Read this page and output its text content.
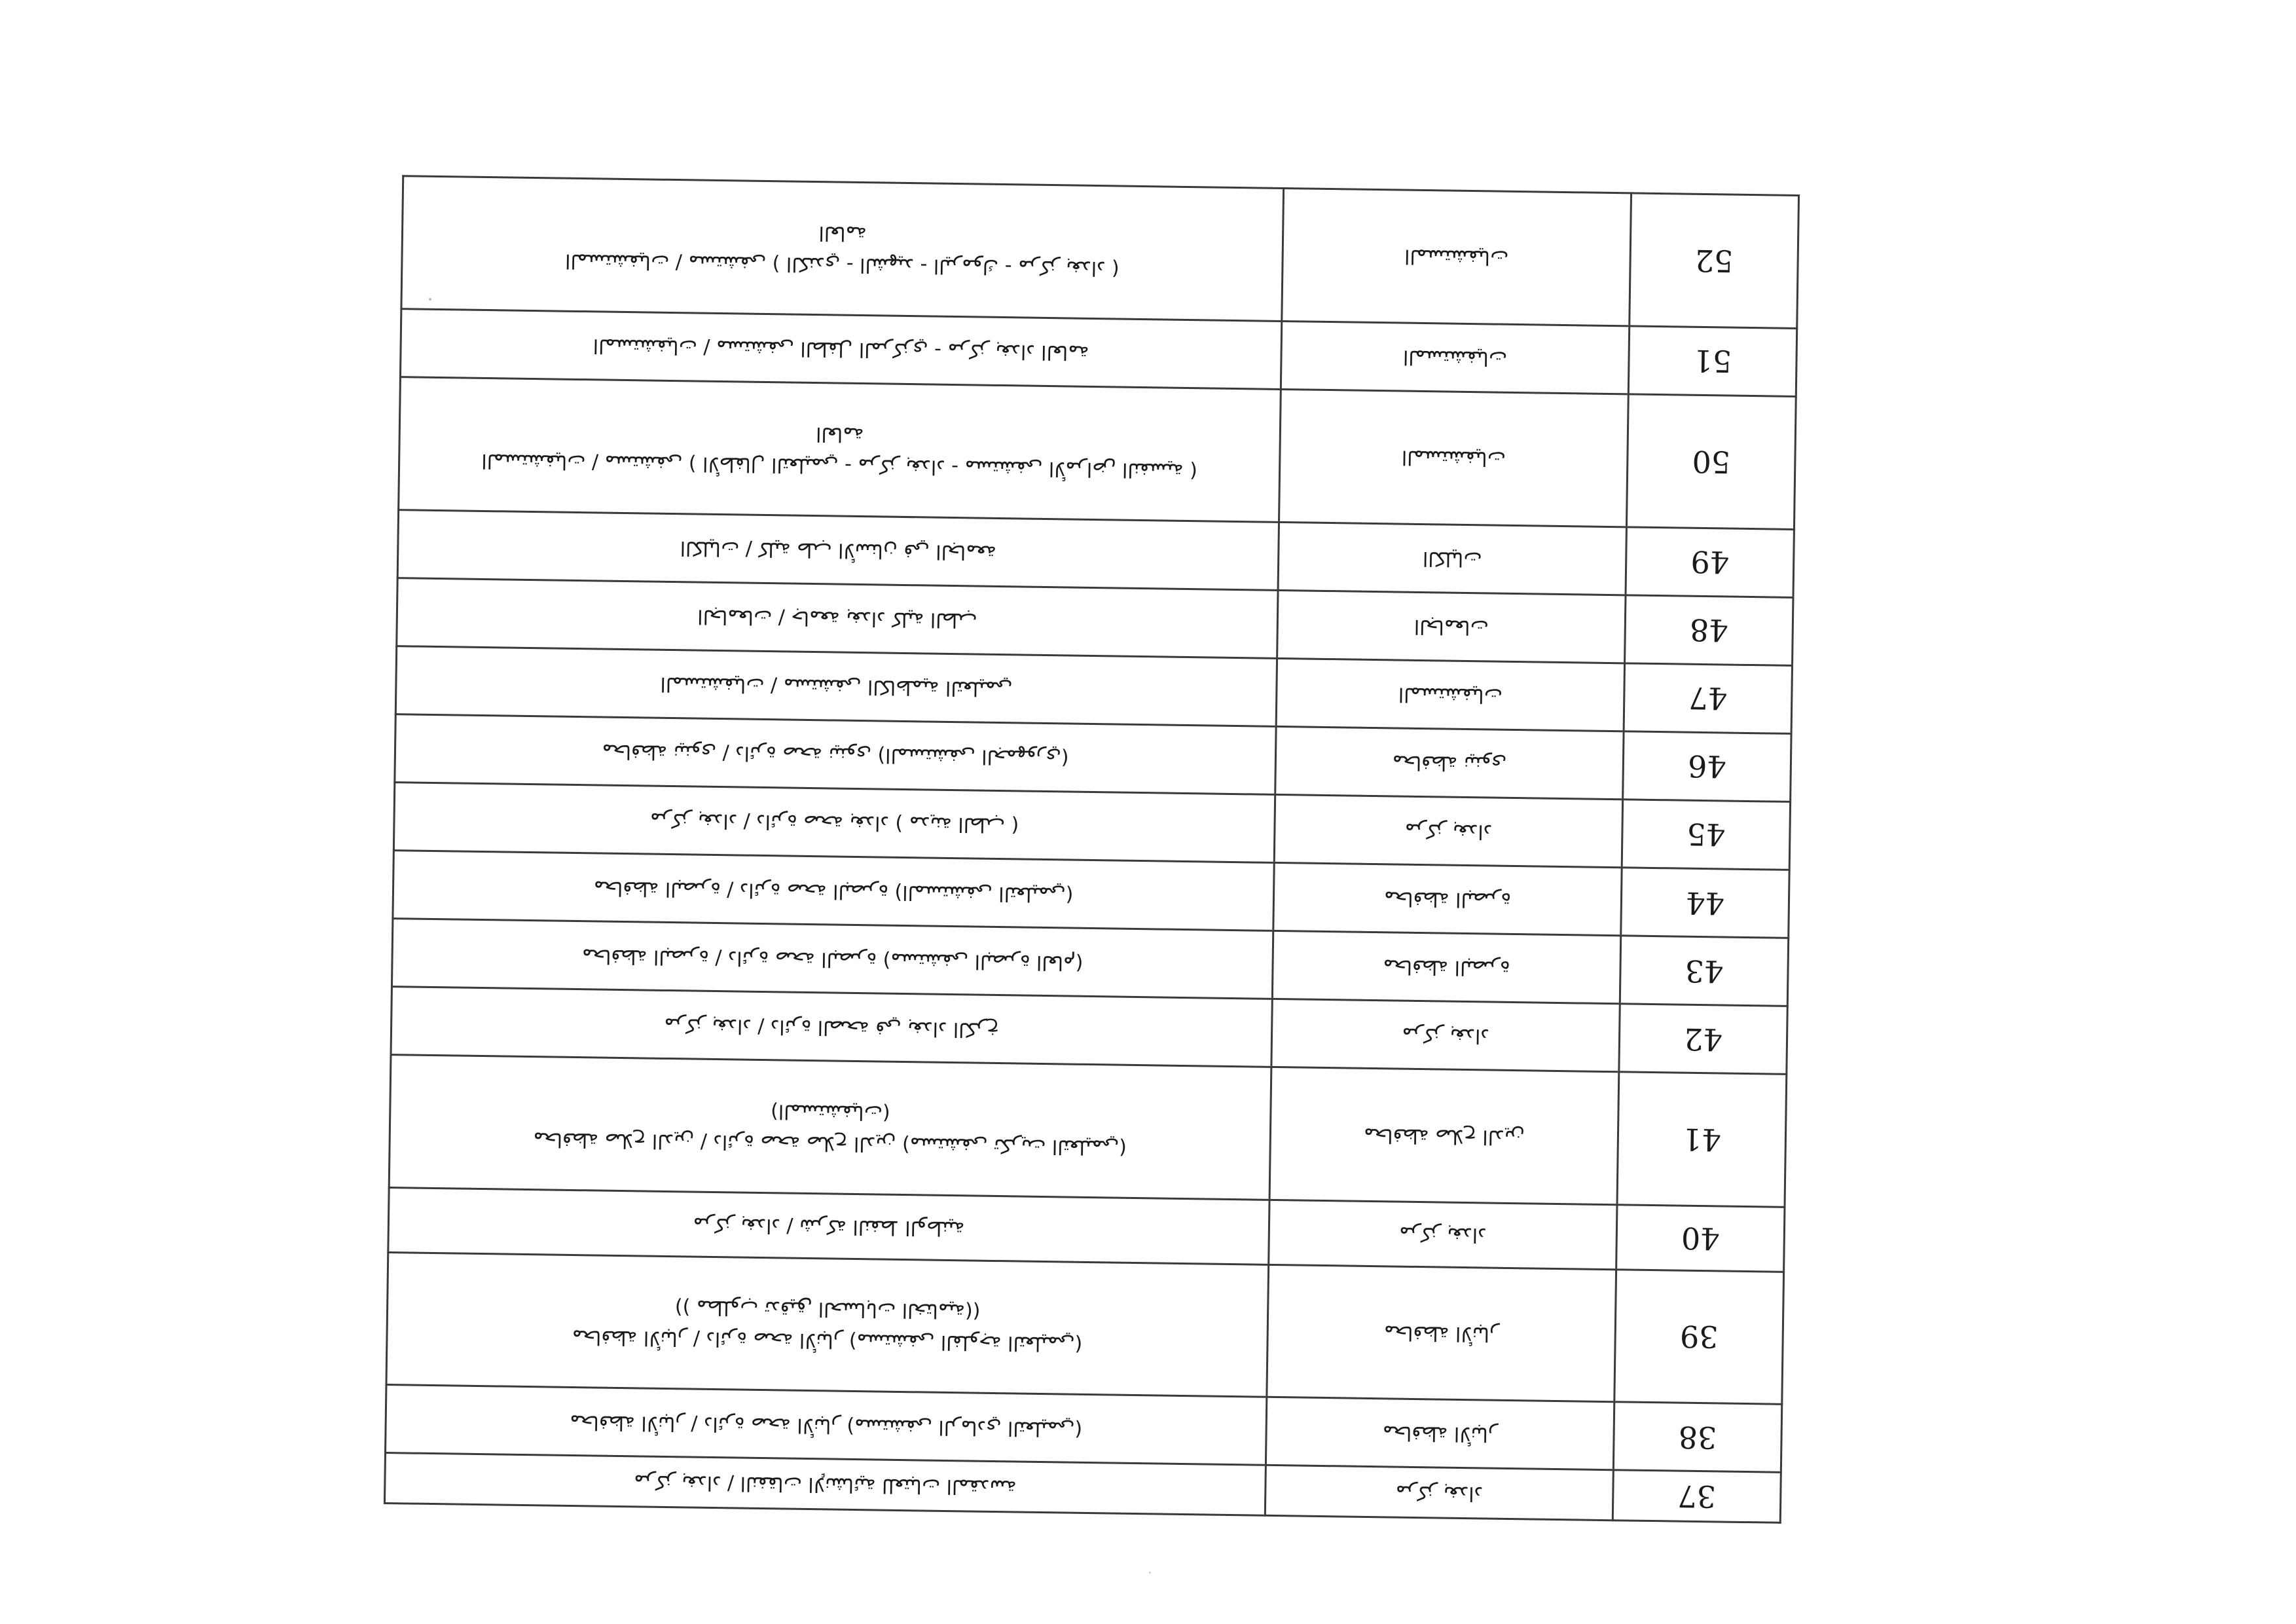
37	مركز بغداد	مركز بغداد / النفقات الإنشائية للعتبات المقدسة

38	محافظة الأنبار	محافظة الأنبار / دائرة صحة الأنبار (مستشفى الرمادي التعليمي)

39	محافظة الأنبار	محافظة الأنبار / دائرة صحة الأنبار (مستشفى الفلوجة التعليمي)
(( مطلوب تدقيق الحسابات الختامية))

40	مركز بغداد	مركز بغداد / شركة النفط الوطنية

41	محافظة صلاح الدين	محافظة صلاح الدين / دائرة صحة صلاح الدين (مستشفى تكريت التعليمي)
(المستشفيات)

42	مركز بغداد	مركز بغداد / دائرة الصحة في بغداد الكرخ

43	محافظة البصرة	محافظة البصرة / دائرة صحة البصرة (مستشفى البصرة العام)

44	محافظة البصرة	محافظة البصرة / دائرة صحة البصرة (المستشفى التعليمي)

45	مركز بغداد	مركز بغداد / دائرة صحة بغداد ( مدينة الطب )

46	محافظة نينوى	محافظة نينوى / دائرة صحة نينوى (المستشفى الجمهوري)

47	المستشفيات	المستشفيات / مستشفى الكاظمية التعليمي

48	الجامعات	الجامعات / جامعة بغداد كلية الطب

49	الكليات	الكليات / كلية طب الأسنان في الجامعة

50	المستشفيات	المستشفيات / مستشفى ( الأطفال التعليمي - مركز بغداد - مستشفى الأمراض النفسية )
العامة

51	المستشفيات	المستشفيات / مستشفى الطفل المركزي - مركز بغداد العامة

52	المستشفيات	المستشفيات / مستشفى ( الكندي - الشهيد - اليرموك - مركز بغداد )
العامة
